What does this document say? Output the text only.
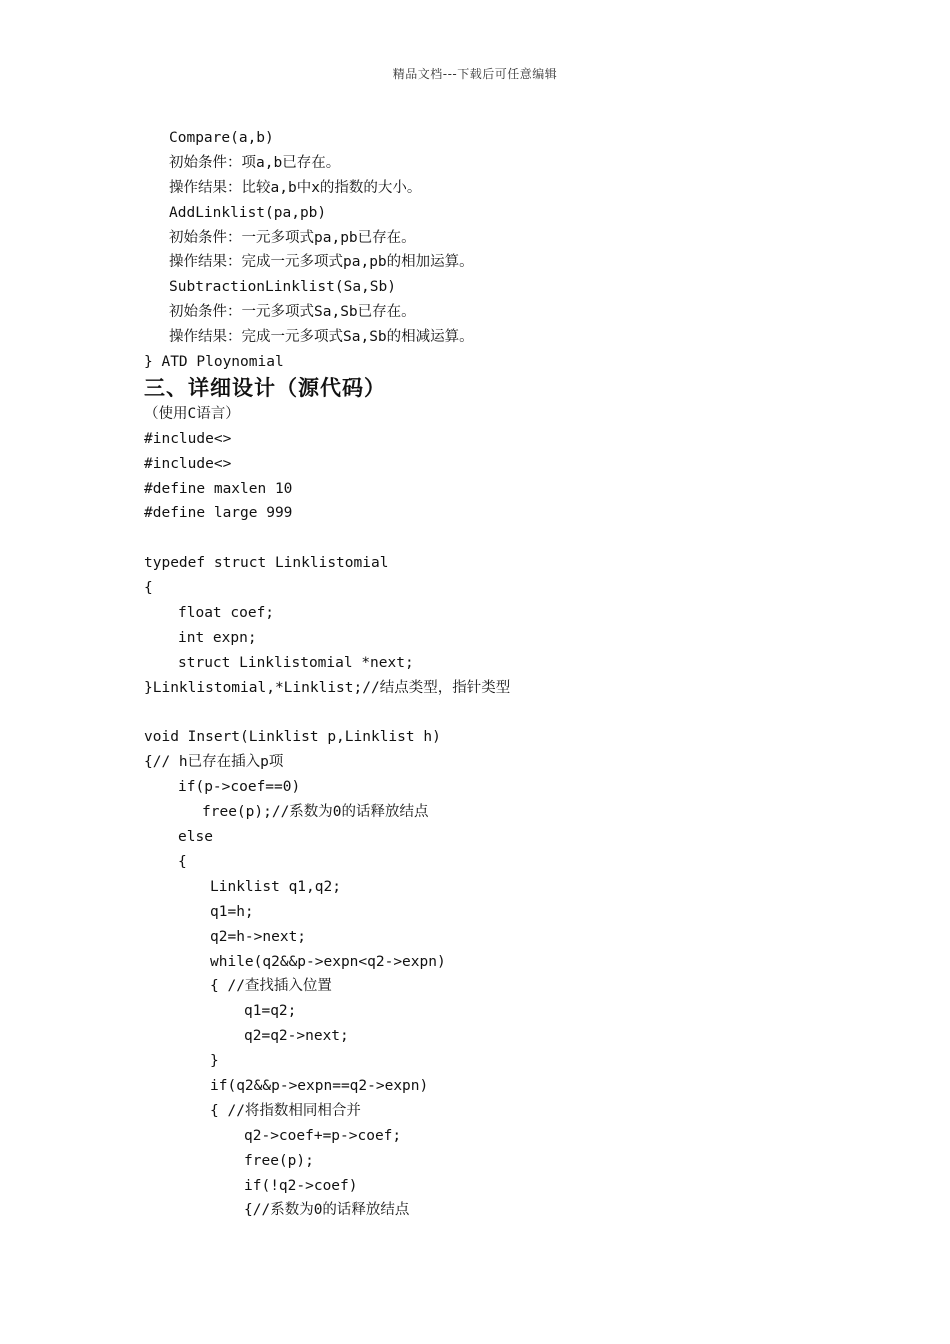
精品文档---下载后可任意编辑
Compare(a,b)
初始条件：项a,b已存在。
操作结果：比较a,b中x的指数的大小。
AddLinklist(pa,pb)
初始条件：一元多项式pa,pb已存在。
操作结果：完成一元多项式pa,pb的相加运算。
SubtractionLinklist(Sa,Sb)
初始条件：一元多项式Sa,Sb已存在。
操作结果：完成一元多项式Sa,Sb的相减运算。
} ATD Ploynomial
三、详细设计（源代码）
（使用C语言）
#include<>
#include<>
#define maxlen 10
#define large 999
typedef struct Linklistomial
{
float coef;
int expn;
struct Linklistomial *next;
}Linklistomial,*Linklist;//结点类型，指针类型
void Insert(Linklist p,Linklist h)
{// h已存在插入p项
if(p->coef==0)
free(p);//系数为0的话释放结点
else
{
Linklist q1,q2;
q1=h;
q2=h->next;
while(q2&&p->expn<q2->expn)
{ //查找插入位置
q1=q2;
q2=q2->next;
}
if(q2&&p->expn==q2->expn)
{ //将指数相同相合并
q2->coef+=p->coef;
free(p);
if(!q2->coef)
{//系数为0的话释放结点
